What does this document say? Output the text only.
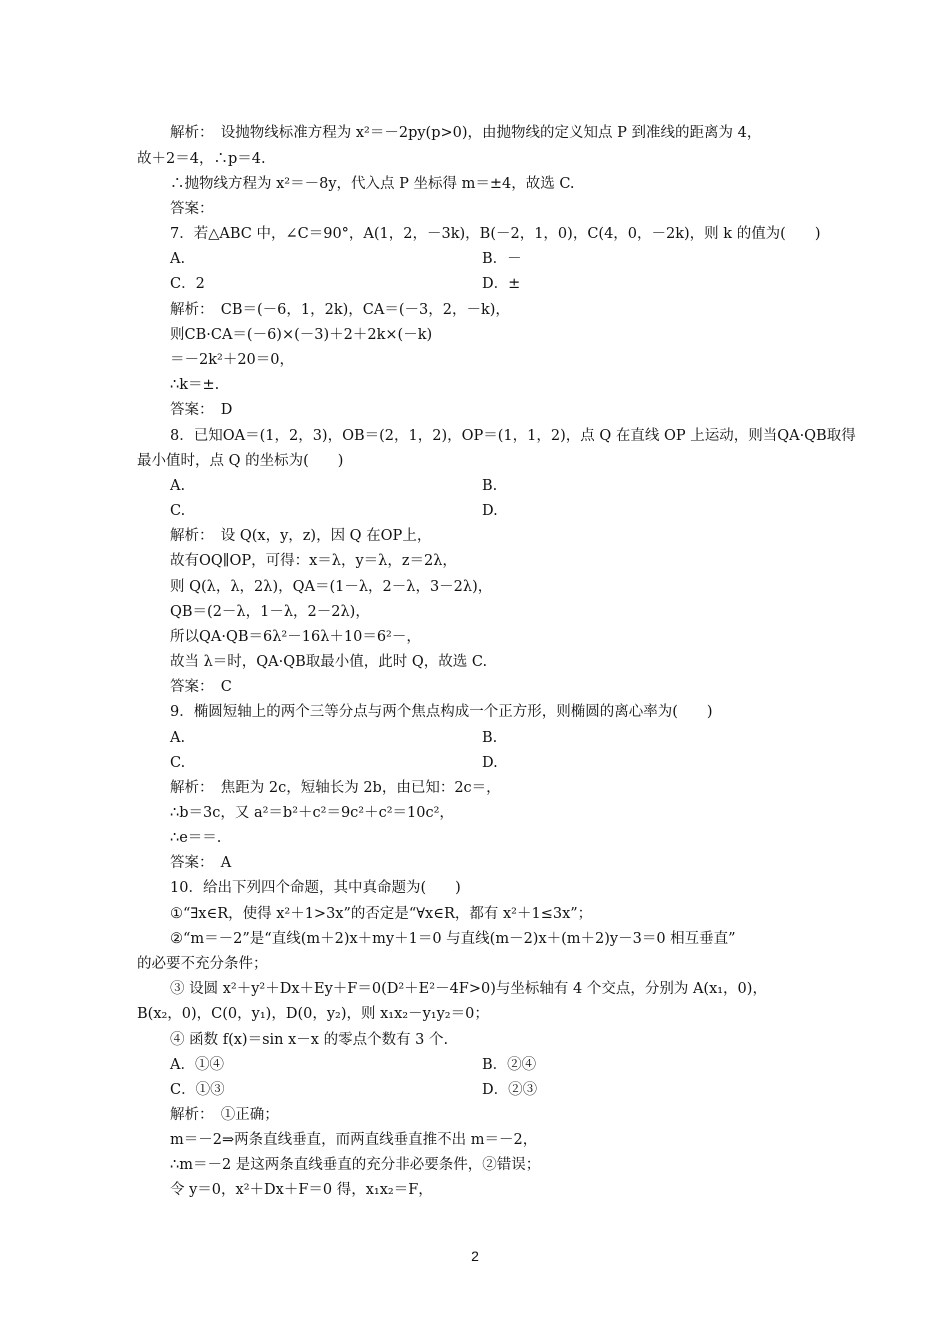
解析：　设抛物线标准方程为 x²＝－2py(p>0)，由抛物线的定义知点 P 到准线的距离为 4，
故＋2＝4，∴p＝4.
∴抛物线方程为 x²＝－8y，代入点 P 坐标得 m＝±4，故选 C.
答案：
7．若△ABC 中，∠C＝90°，A(1，2，－3k)，B(－2，1，0)，C(4，0，－2k)，则 k 的值为(　　)
A.	B．－
C．2	D．±
解析：　CB＝(－6，1，2k)，CA＝(－3，2，－k)，
则CB·CA＝(－6)×(－3)＋2＋2k×(－k)
＝－2k²＋20＝0，
∴k＝±.
答案：　D
8．已知OA＝(1，2，3)，OB＝(2，1，2)，OP＝(1，1，2)，点 Q 在直线 OP 上运动，则当QA·QB取得
最小值时，点 Q 的坐标为(　　)
A.	B.
C.	D.
解析：　设 Q(x，y，z)，因 Q 在OP上，
故有OQ∥OP，可得：x＝λ，y＝λ，z＝2λ，
则 Q(λ，λ，2λ)，QA＝(1－λ，2－λ，3－2λ)，
QB＝(2－λ，1－λ，2－2λ)，
所以QA·QB＝6λ²－16λ＋10＝6²－，
故当 λ＝时，QA·QB取最小值，此时 Q，故选 C.
答案：　C
9．椭圆短轴上的两个三等分点与两个焦点构成一个正方形，则椭圆的离心率为(　　)
A.	B.
C.	D.
解析：　焦距为 2c，短轴长为 2b，由已知：2c＝，
∴b＝3c，又 a²＝b²＋c²＝9c²＋c²＝10c²，
∴e＝＝.
答案：　A
10．给出下列四个命题，其中真命题为(　　)
①“∃x∈R，使得 x²＋1>3x”的否定是“∀x∈R，都有 x²＋1≤3x”；
②“m＝－2”是“直线(m＋2)x＋my＋1＝0 与直线(m－2)x＋(m＋2)y－3＝0 相互垂直”
的必要不充分条件；
③ 设圆 x²＋y²＋Dx＋Ey＋F＝0(D²＋E²－4F>0)与坐标轴有 4 个交点，分别为 A(x₁，0)，
B(x₂，0)，C(0，y₁)，D(0，y₂)，则 x₁x₂－y₁y₂＝0；
④ 函数 f(x)＝sin x－x 的零点个数有 3 个.
A．①④	B．②④
C．①③	D．②③
解析：　①正确；
m＝－2⇒两条直线垂直，而两直线垂直推不出 m＝－2，
∴m＝－2 是这两条直线垂直的充分非必要条件，②错误；
令 y＝0，x²＋Dx＋F＝0 得，x₁x₂＝F，
2
